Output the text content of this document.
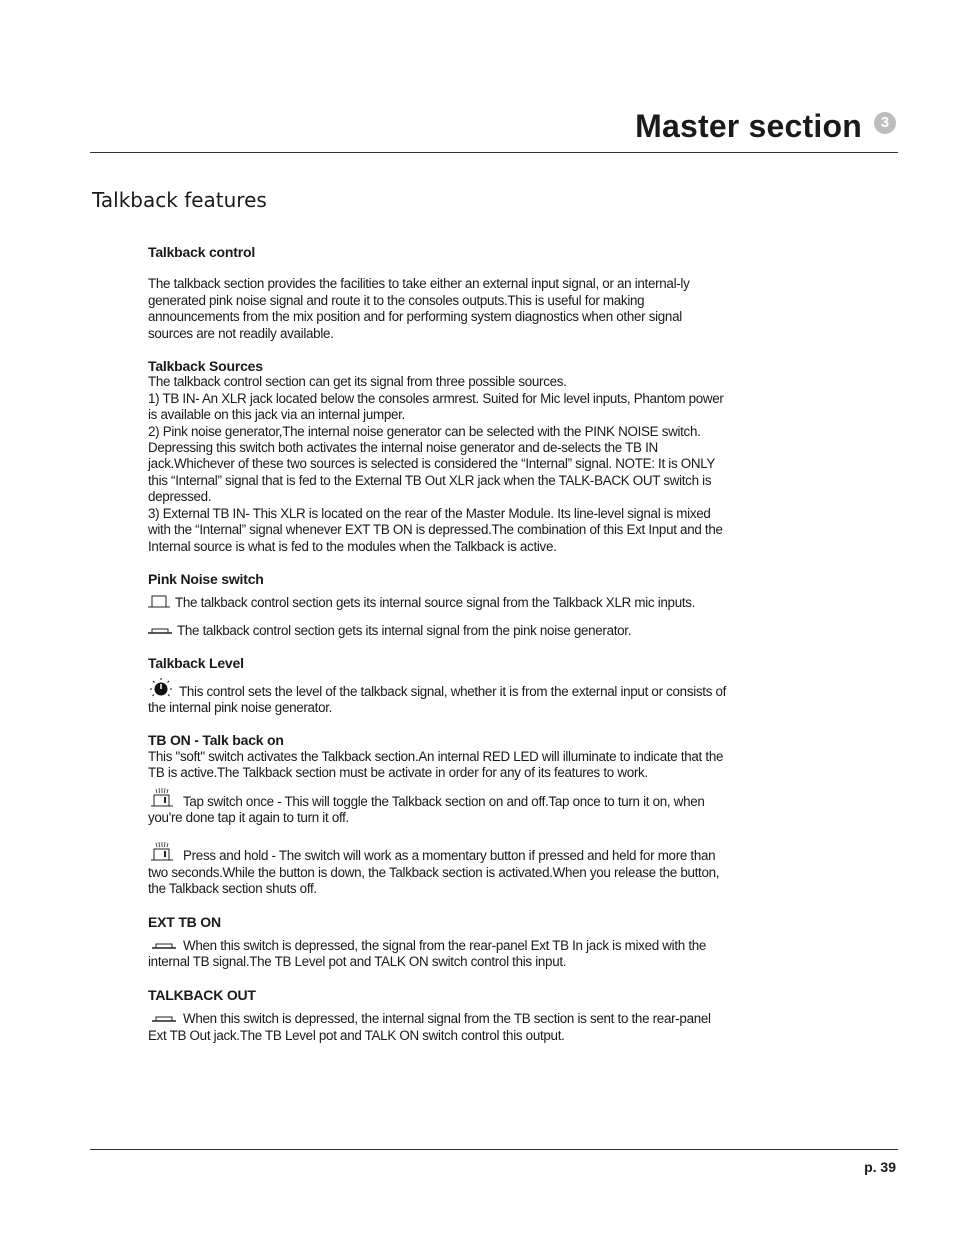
Master section	3
Talkback features

Talkback control

The talkback section provides the facilities to take either an external input signal, or an internal-ly generated pink noise signal and route it to the consoles outputs.This is useful for making announcements from the mix position and for performing system diagnostics when other signal sources are not readily available.

Talkback Sources

The talkback control section can get its signal from three possible sources.

1) TB IN- An XLR jack located below the consoles armrest. Suited for Mic level inputs, Phantom power is available on this jack via an internal jumper.

2) Pink noise generator,The internal noise generator can be selected with the PINK NOISE switch. Depressing this switch both activates the internal noise generator and de-selects the TB IN jack.Whichever of these two sources is selected is considered the “Internal” signal. NOTE: It is ONLY this “Internal” signal that is fed to the External TB Out XLR jack when the TALK-BACK OUT switch is depressed.

3) External TB IN- This XLR is located on the rear of the Master Module. Its line-level signal is mixed with the “Internal” signal whenever EXT TB ON is depressed.The combination of this Ext Input and the Internal source is what is fed to the modules when the Talkback is active.

Pink Noise switch

The talkback control section gets its internal source signal from the Talkback XLR mic inputs.

The talkback control section gets its internal signal from the pink noise generator.

Talkback Level

This control sets the level of the talkback signal, whether it is from the external input or consists of the internal pink noise generator.

TB ON - Talk back on

This "soft" switch activates the Talkback section.An internal RED LED will illuminate to indicate that the TB is active.The Talkback section must be activate in order for any of its features to work.

Tap switch once - This will toggle the Talkback section on and off.Tap once to turn it on, when you're done tap it again to turn it off.

Press and hold - The switch will work as a momentary button if pressed and held for more than two seconds.While the button is down, the Talkback section is activated.When you release the button, the Talkback section shuts off.

EXT TB ON

When this switch is depressed, the signal from the rear-panel Ext TB In jack is mixed with the internal TB signal.The TB Level pot and TALK ON switch control this input.

TALKBACK OUT

When this switch is depressed, the internal signal from the TB section is sent to the rear-panel Ext TB Out jack.The TB Level pot and TALK ON switch control this output.

p. 39
